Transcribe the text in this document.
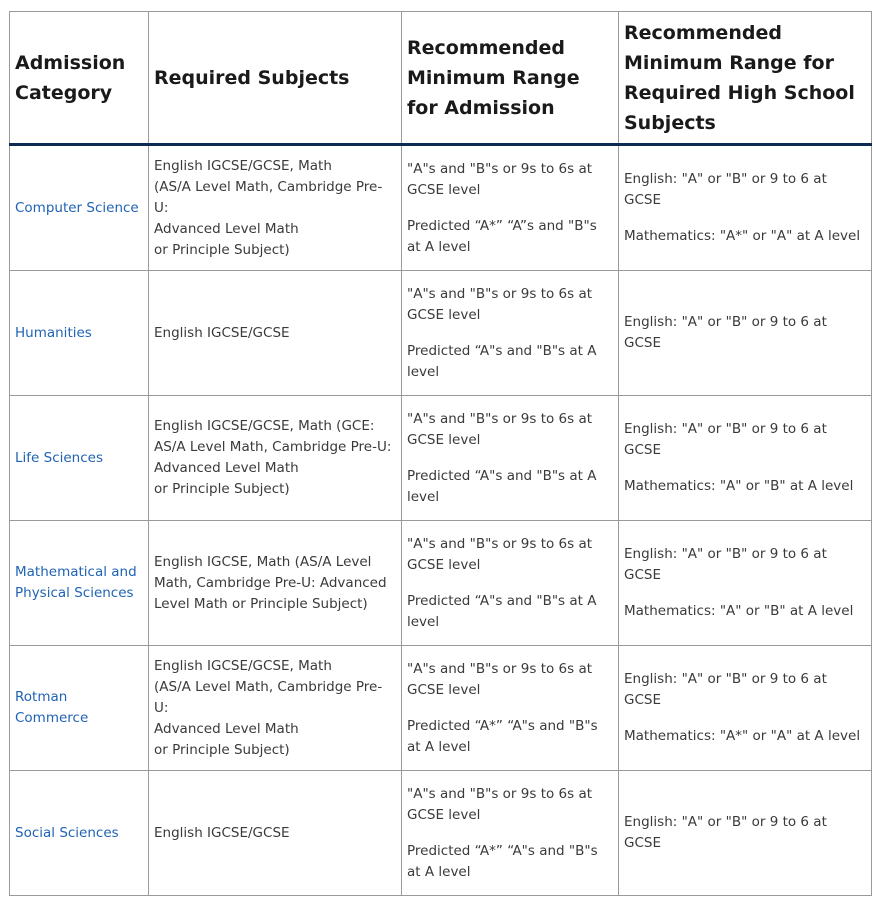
Admission Category	Required Subjects	Recommended Minimum Range for Admission	Recommended Minimum Range for Required High School Subjects
Computer Science	English IGCSE/GCSE, Math
(AS/A Level Math, Cambridge Pre-U:
Advanced Level Math
or Principle Subject)	"A"s and "B"s or 9s to 6s at GCSE level
Predicted “A*” “A”s and "B"s at A level	English: "A" or "B" or 9 to 6 at GCSE
Mathematics: "A*" or "A" at A level

Humanities	English IGCSE/GCSE	"A"s and "B"s or 9s to 6s at GCSE level
Predicted “A"s and "B"s at A level	English: "A" or "B" or 9 to 6 at GCSE

Life Sciences	English IGCSE/GCSE, Math (GCE:
AS/A Level Math, Cambridge Pre-U:
Advanced Level Math
or Principle Subject)	"A"s and "B"s or 9s to 6s at GCSE level
Predicted “A"s and "B"s at A level	English: "A" or "B" or 9 to 6 at GCSE
Mathematics: "A" or "B" at A level

Mathematical and Physical Sciences	English IGCSE, Math (AS/A Level
Math, Cambridge Pre-U: Advanced
Level Math or Principle Subject)	"A"s and "B"s or 9s to 6s at GCSE level
Predicted “A"s and "B"s at A level	English: "A" or "B" or 9 to 6 at GCSE
Mathematics: "A" or "B" at A level

Rotman Commerce	English IGCSE/GCSE, Math
(AS/A Level Math, Cambridge Pre-U:
Advanced Level Math
or Principle Subject)	"A"s and "B"s or 9s to 6s at GCSE level
Predicted “A*” “A"s and "B"s at A level	English: "A" or "B" or 9 to 6 at GCSE
Mathematics: "A*" or "A" at A level

Social Sciences	English IGCSE/GCSE	"A"s and "B"s or 9s to 6s at GCSE level
Predicted “A*” “A"s and "B"s at A level	English: "A" or "B" or 9 to 6 at GCSE
